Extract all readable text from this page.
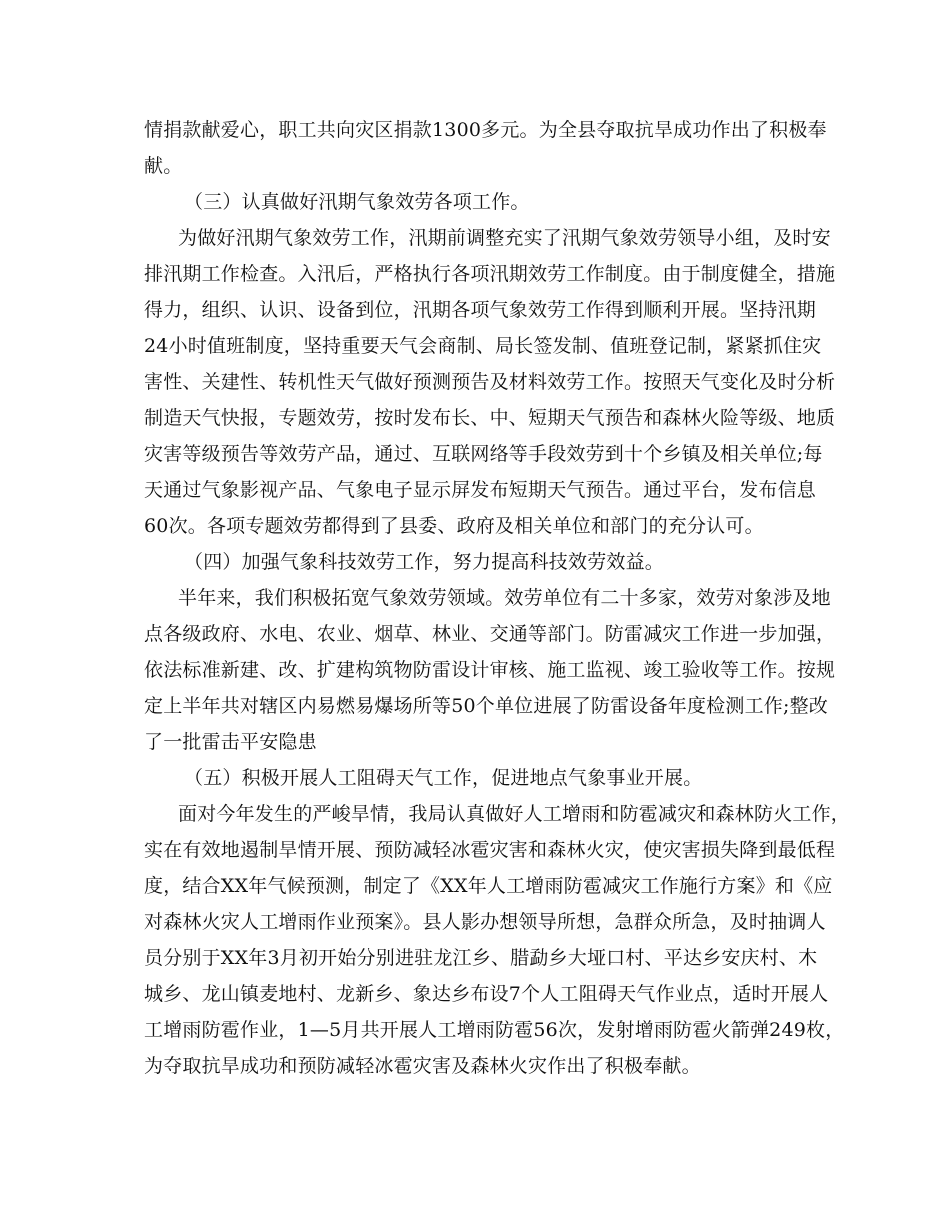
情捐款献爱心，职工共向灾区捐款1300多元。为全县夺取抗旱成功作出了积极奉
献。
（三）认真做好汛期气象效劳各项工作。
为做好汛期气象效劳工作，汛期前调整充实了汛期气象效劳领导小组，及时安
排汛期工作检查。入汛后，严格执行各项汛期效劳工作制度。由于制度健全，措施
得力，组织、认识、设备到位，汛期各项气象效劳工作得到顺利开展。坚持汛期
24小时值班制度，坚持重要天气会商制、局长签发制、值班登记制，紧紧抓住灾
害性、关建性、转机性天气做好预测预告及材料效劳工作。按照天气变化及时分析
制造天气快报，专题效劳，按时发布长、中、短期天气预告和森林火险等级、地质
灾害等级预告等效劳产品，通过、互联网络等手段效劳到十个乡镇及相关单位;每
天通过气象影视产品、气象电子显示屏发布短期天气预告。通过平台，发布信息
60次。各项专题效劳都得到了县委、政府及相关单位和部门的充分认可。
（四）加强气象科技效劳工作，努力提高科技效劳效益。
半年来，我们积极拓宽气象效劳领域。效劳单位有二十多家，效劳对象涉及地
点各级政府、水电、农业、烟草、林业、交通等部门。防雷减灾工作进一步加强，
依法标准新建、改、扩建构筑物防雷设计审核、施工监视、竣工验收等工作。按规
定上半年共对辖区内易燃易爆场所等50个单位进展了防雷设备年度检测工作;整改
了一批雷击平安隐患
（五）积极开展人工阻碍天气工作，促进地点气象事业开展。
面对今年发生的严峻旱情，我局认真做好人工增雨和防雹减灾和森林防火工作，
实在有效地遏制旱情开展、预防减轻冰雹灾害和森林火灾，使灾害损失降到最低程
度，结合XX年气候预测，制定了《XX年人工增雨防雹减灾工作施行方案》和《应
对森林火灾人工增雨作业预案》。县人影办想领导所想，急群众所急，及时抽调人
员分别于XX年3月初开始分别进驻龙江乡、腊勐乡大垭口村、平达乡安庆村、木
城乡、龙山镇麦地村、龙新乡、象达乡布设7个人工阻碍天气作业点，适时开展人
工增雨防雹作业，1—5月共开展人工增雨防雹56次，发射增雨防雹火箭弹249枚，
为夺取抗旱成功和预防减轻冰雹灾害及森林火灾作出了积极奉献。
